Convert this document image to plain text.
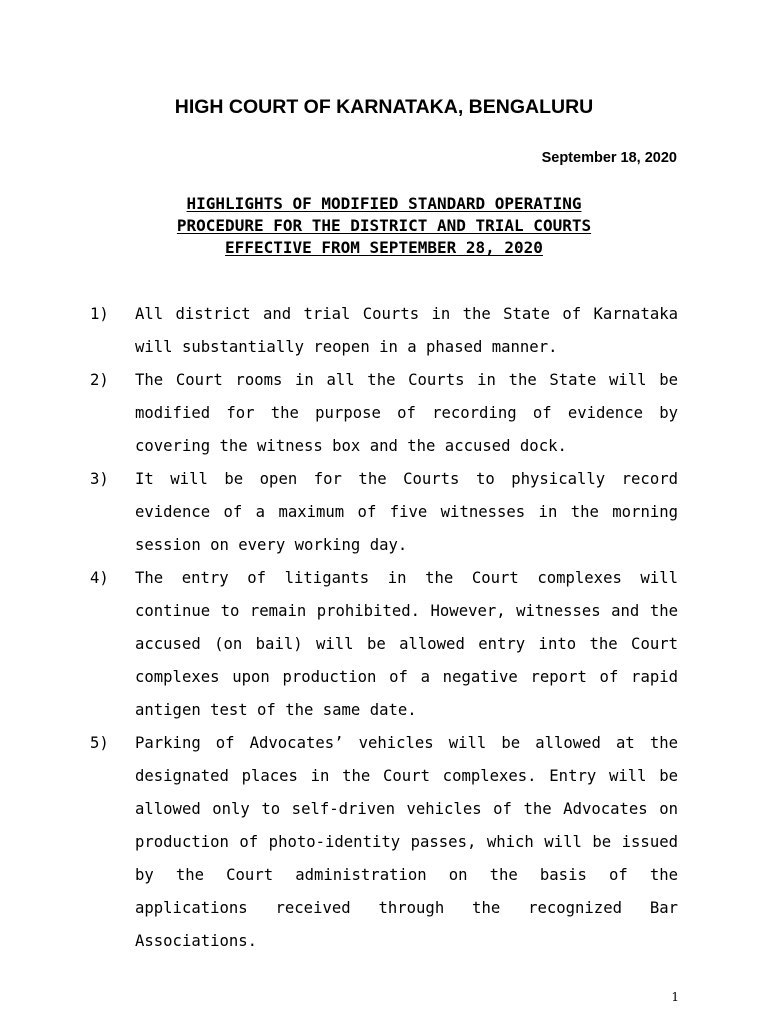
HIGH COURT OF KARNATAKA, BENGALURU
September 18, 2020
HIGHLIGHTS OF MODIFIED STANDARD OPERATING
PROCEDURE FOR THE DISTRICT AND TRIAL COURTS
EFFECTIVE FROM SEPTEMBER 28, 2020
1)	All district and trial Courts in the State of Karnataka will substantially reopen in a phased manner.
2)	The Court rooms in all the Courts in the State will be modified for the purpose of recording of evidence by covering the witness box and the accused dock.
3)	It will be open for the Courts to physically record evidence of a maximum of five witnesses in the morning session on every working day.
4)	The entry of litigants in the Court complexes will continue to remain prohibited. However, witnesses and the accused (on bail) will be allowed entry into the Court complexes upon production of a negative report of rapid antigen test of the same date.
5)	Parking of Advocates’ vehicles will be allowed at the designated places in the Court complexes. Entry will be allowed only to self-driven vehicles of the Advocates on production of photo-identity passes, which will be issued by the Court administration on the basis of the applications received through the recognized Bar Associations.
1
